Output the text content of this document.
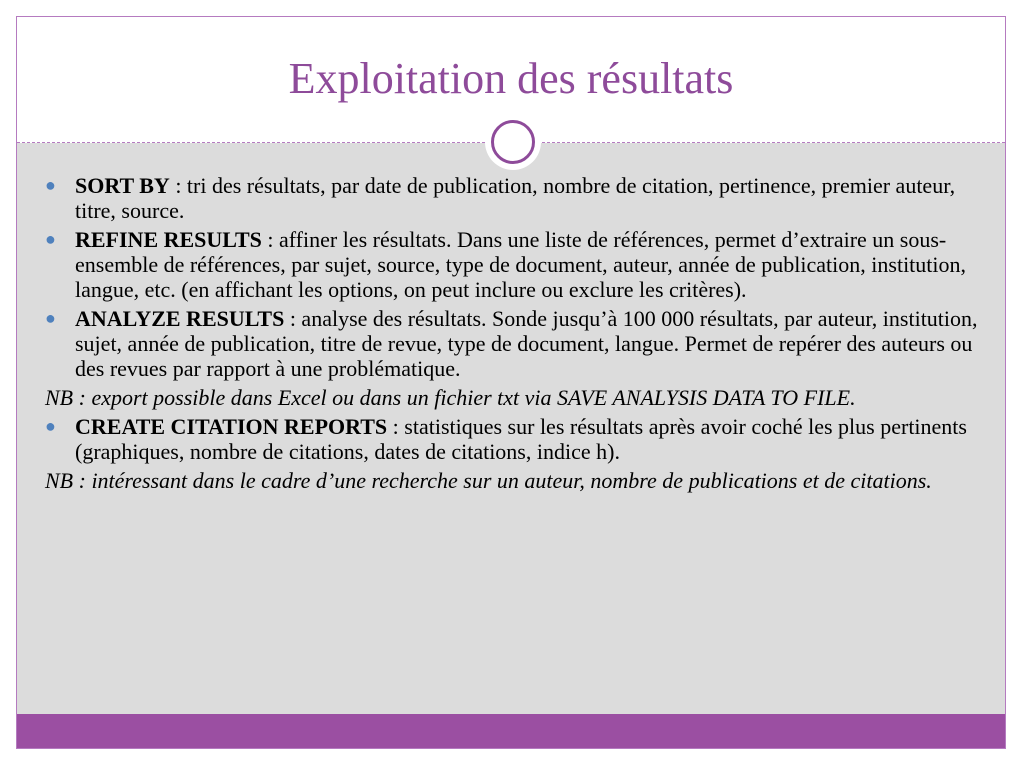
Exploitation des résultats
● SORT BY : tri des résultats, par date de publication, nombre de citation, pertinence, premier auteur, titre, source.
● REFINE RESULTS : affiner les résultats. Dans une liste de références, permet d’extraire un sous-ensemble de références, par sujet, source, type de document, auteur, année de publication, institution, langue, etc. (en affichant les options, on peut inclure ou exclure les critères).
● ANALYZE RESULTS : analyse des résultats. Sonde jusqu’à 100 000 résultats, par auteur, institution, sujet, année de publication, titre de revue, type de document, langue. Permet de repérer des auteurs ou des revues par rapport à une problématique.
NB : export possible dans Excel ou dans un fichier txt via SAVE ANALYSIS DATA TO FILE.
● CREATE CITATION REPORTS : statistiques sur les résultats après avoir coché les plus pertinents (graphiques, nombre de citations, dates de citations, indice h).
NB : intéressant dans le cadre d’une recherche sur un auteur, nombre de publications et de citations.
